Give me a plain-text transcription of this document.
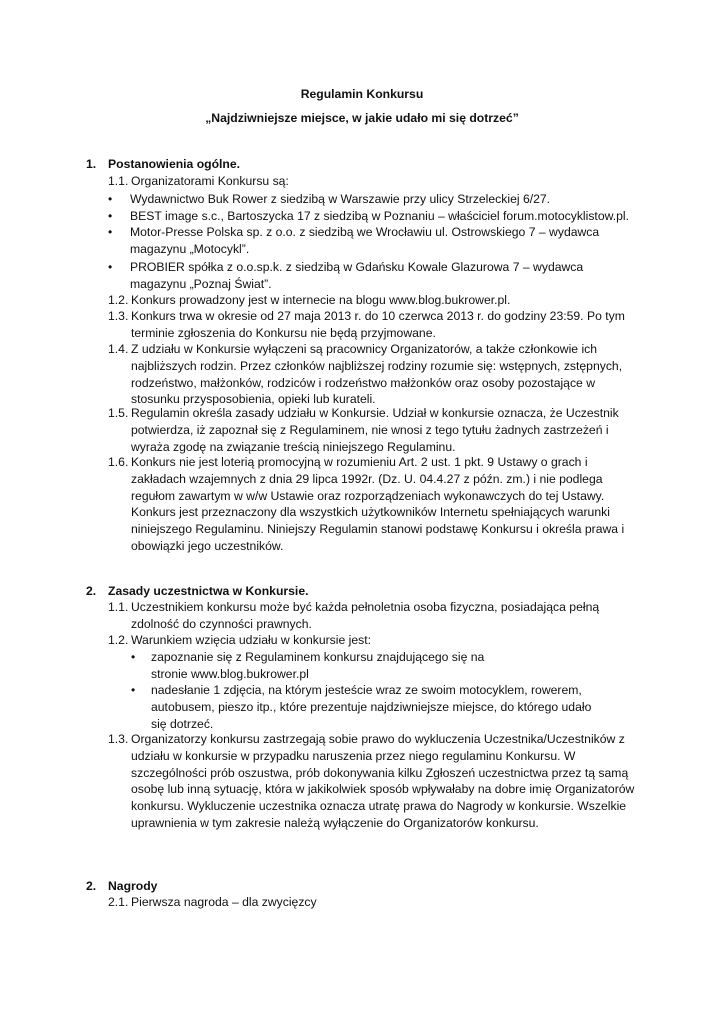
Regulamin Konkursu
„Najdziwniejsze miejsce, w jakie udało mi się dotrzeć”
1. Postanowienia ogólne.
1.1. Organizatorami Konkursu są:
• Wydawnictwo Buk Rower z siedzibą w Warszawie przy ulicy Strzeleckiej 6/27.
• BEST image s.c., Bartoszycka 17 z siedzibą w Poznaniu – właściciel forum.motocyklistow.pl.
• Motor-Presse Polska sp. z o.o. z siedzibą we Wrocławiu ul. Ostrowskiego 7 – wydawca magazynu „Motocykl”.
• PROBIER spółka z o.o.sp.k. z siedzibą w Gdańsku Kowale Glazurowa 7 – wydawca magazynu „Poznaj Świat”.
1.2. Konkurs prowadzony jest w internecie na blogu www.blog.bukrower.pl.
1.3. Konkurs trwa w okresie od 27 maja 2013 r. do 10 czerwca 2013 r. do godziny 23:59. Po tym terminie zgłoszenia do Konkursu nie będą przyjmowane.
1.4. Z udziału w Konkursie wyłączeni są pracownicy Organizatorów, a także członkowie ich najbliższych rodzin. Przez członków najbliższej rodziny rozumie się: wstępnych, zstępnych, rodzeństwo, małżonków, rodziców i rodzeństwo małżonków oraz osoby pozostające w stosunku przysposobienia, opieki lub kurateli.
1.5. Regulamin określa zasady udziału w Konkursie. Udział w konkursie oznacza, że Uczestnik potwierdza, iż zapoznał się z Regulaminem, nie wnosi z tego tytułu żadnych zastrzeżeń i wyraża zgodę na związanie treścią niniejszego Regulaminu.
1.6. Konkurs nie jest loterią promocyjną w rozumieniu Art. 2 ust. 1 pkt. 9 Ustawy o grach i zakładach wzajemnych z dnia 29 lipca 1992r. (Dz. U. 04.4.27 z późn. zm.) i nie podlega regułom zawartym w w/w Ustawie oraz rozporządzeniach wykonawczych do tej Ustawy. Konkurs jest przeznaczony dla wszystkich użytkowników Internetu spełniających warunki niniejszego Regulaminu. Niniejszy Regulamin stanowi podstawę Konkursu i określa prawa i obowiązki jego uczestników.
2. Zasady uczestnictwa w Konkursie.
1.1. Uczestnikiem konkursu może być każda pełnoletnia osoba fizyczna, posiadająca pełną zdolność do czynności prawnych.
1.2. Warunkiem wzięcia udziału w konkursie jest:
• zapoznanie się z Regulaminem konkursu znajdującego się na stronie www.blog.bukrower.pl
• nadesłanie 1 zdjęcia, na którym jesteście wraz ze swoim motocyklem, rowerem, autobusem, pieszo itp., które prezentuje najdziwniejsze miejsce, do którego udało się dotrzeć.
1.3. Organizatorzy konkursu zastrzegają sobie prawo do wykluczenia Uczestnika/Uczestników z udziału w konkursie w przypadku naruszenia przez niego regulaminu Konkursu. W szczególności prób oszustwa, prób dokonywania kilku Zgłoszeń uczestnictwa przez tą samą osobę lub inną sytuację, która w jakikolwiek sposób wpływałaby na dobre imię Organizatorów konkursu. Wykluczenie uczestnika oznacza utratę prawa do Nagrody w konkursie. Wszelkie uprawnienia w tym zakresie należą wyłączenie do Organizatorów konkursu.
2. Nagrody
2.1. Pierwsza nagroda – dla zwycięzcy
